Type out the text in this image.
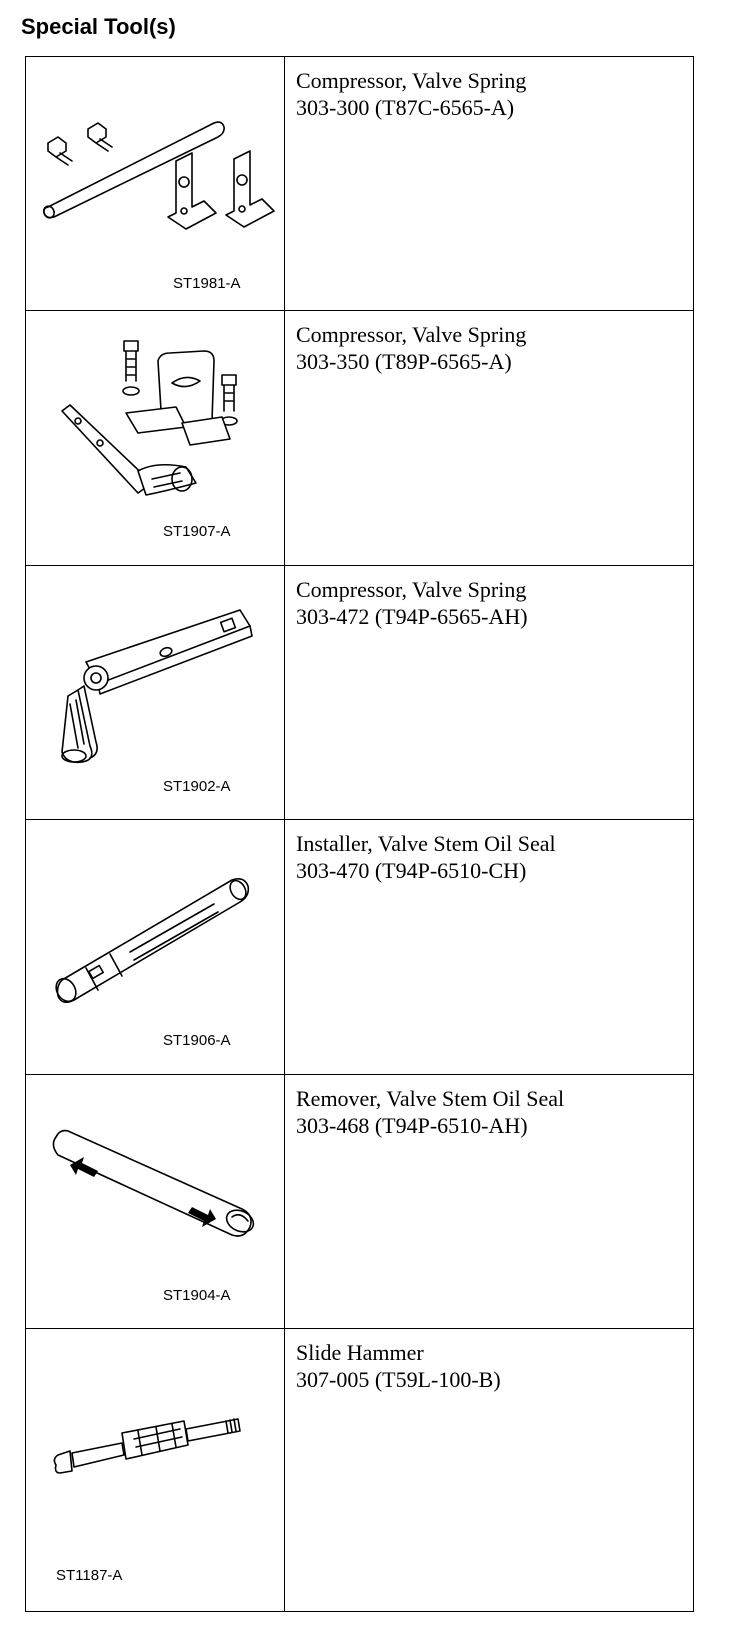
Special Tool(s)
ST1981-A	Compressor, Valve Spring
303-300 (T87C-6565-A)

ST1907-A	Compressor, Valve Spring
303-350 (T89P-6565-A)

ST1902-A	Compressor, Valve Spring
303-472 (T94P-6565-AH)

ST1906-A	Installer, Valve Stem Oil Seal
303-470 (T94P-6510-CH)

ST1904-A	Remover, Valve Stem Oil Seal
303-468 (T94P-6510-AH)

ST1187-A	Slide Hammer
307-005 (T59L-100-B)
